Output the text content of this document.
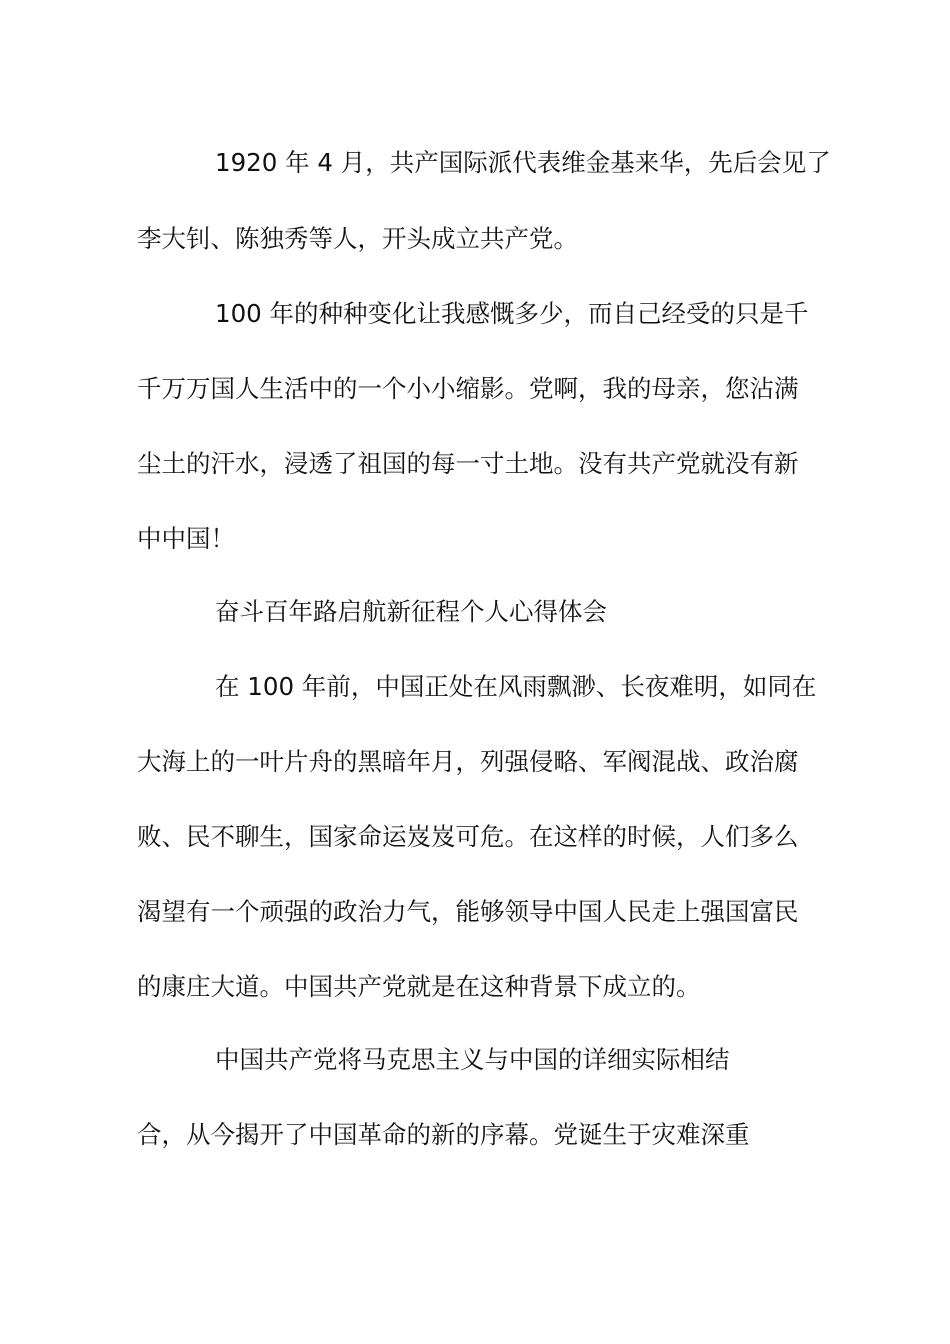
1920 年 4 月，共产国际派代表维金基来华，先后会见了

李大钊、陈独秀等人，开头成立共产党。

100 年的种种变化让我感慨多少，而自己经受的只是千

千万万国人生活中的一个小小缩影。党啊，我的母亲，您沾满

尘土的汗水，浸透了祖国的每一寸土地。没有共产党就没有新

中中国！

奋斗百年路启航新征程个人心得体会

在 100 年前，中国正处在风雨飘渺、长夜难明，如同在

大海上的一叶片舟的黑暗年月，列强侵略、军阀混战、政治腐

败、民不聊生，国家命运岌岌可危。在这样的时候，人们多么

渴望有一个顽强的政治力气，能够领导中国人民走上强国富民

的康庄大道。中国共产党就是在这种背景下成立的。

中国共产党将马克思主义与中国的详细实际相结

合，从今揭开了中国革命的新的序幕。党诞生于灾难深重
